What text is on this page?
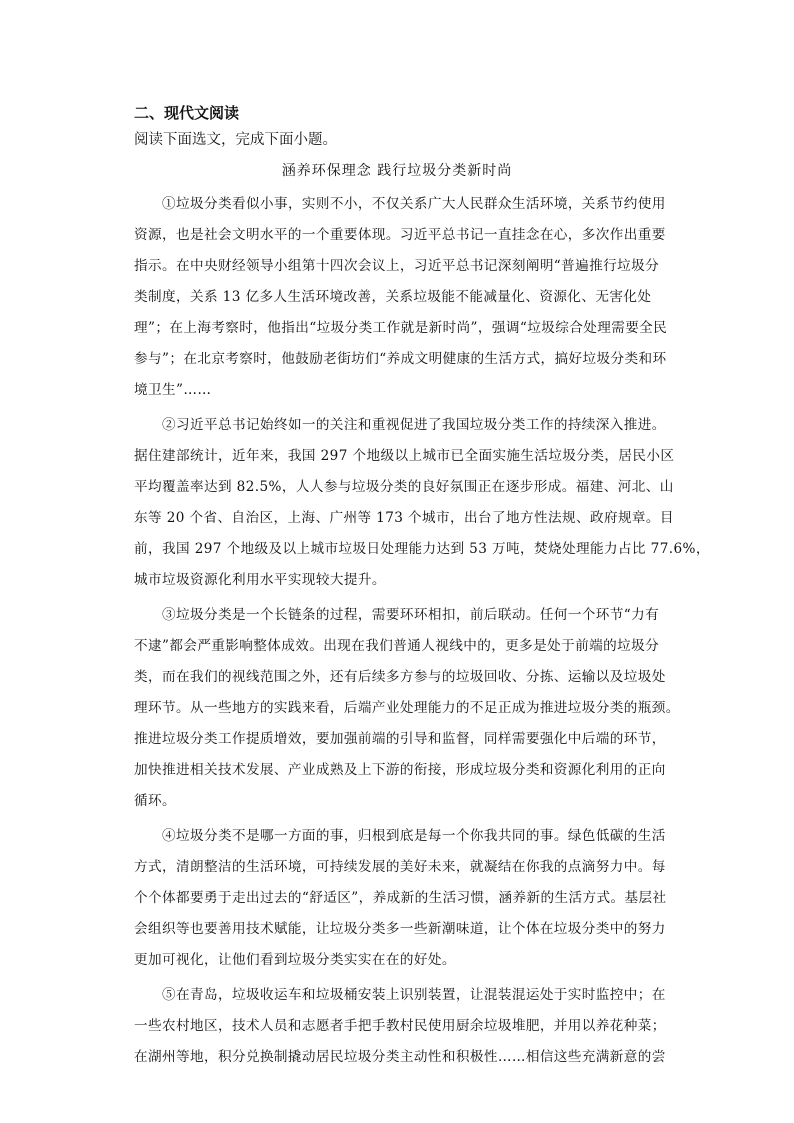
二、现代文阅读
阅读下面选文，完成下面小题。
涵养环保理念 践行垃圾分类新时尚
①垃圾分类看似小事，实则不小，不仅关系广大人民群众生活环境，关系节约使用
资源，也是社会文明水平的一个重要体现。习近平总书记一直挂念在心，多次作出重要
指示。在中央财经领导小组第十四次会议上，习近平总书记深刻阐明“普遍推行垃圾分
类制度，关系 13 亿多人生活环境改善，关系垃圾能不能减量化、资源化、无害化处
理”；在上海考察时，他指出“垃圾分类工作就是新时尚”，强调“垃圾综合处理需要全民
参与”；在北京考察时，他鼓励老街坊们“养成文明健康的生活方式，搞好垃圾分类和环
境卫生”……
②习近平总书记始终如一的关注和重视促进了我国垃圾分类工作的持续深入推进。
据住建部统计，近年来，我国 297 个地级以上城市已全面实施生活垃圾分类，居民小区
平均覆盖率达到 82.5%，人人参与垃圾分类的良好氛围正在逐步形成。福建、河北、山
东等 20 个省、自治区，上海、广州等 173 个城市，出台了地方性法规、政府规章。目
前，我国 297 个地级及以上城市垃圾日处理能力达到 53 万吨，焚烧处理能力占比 77.6%，
城市垃圾资源化利用水平实现较大提升。
③垃圾分类是一个长链条的过程，需要环环相扣，前后联动。任何一个环节“力有
不逮”都会严重影响整体成效。出现在我们普通人视线中的，更多是处于前端的垃圾分
类，而在我们的视线范围之外，还有后续多方参与的垃圾回收、分拣、运输以及垃圾处
理环节。从一些地方的实践来看，后端产业处理能力的不足正成为推进垃圾分类的瓶颈。
推进垃圾分类工作提质增效，要加强前端的引导和监督，同样需要强化中后端的环节，
加快推进相关技术发展、产业成熟及上下游的衔接，形成垃圾分类和资源化利用的正向
循环。
④垃圾分类不是哪一方面的事，归根到底是每一个你我共同的事。绿色低碳的生活
方式，清朗整洁的生活环境，可持续发展的美好未来，就凝结在你我的点滴努力中。每
个个体都要勇于走出过去的“舒适区”，养成新的生活习惯，涵养新的生活方式。基层社
会组织等也要善用技术赋能，让垃圾分类多一些新潮味道，让个体在垃圾分类中的努力
更加可视化，让他们看到垃圾分类实实在在的好处。
⑤在青岛，垃圾收运车和垃圾桶安装上识别装置，让混装混运处于实时监控中；在
一些农村地区，技术人员和志愿者手把手教村民使用厨余垃圾堆肥，并用以养花种菜；
在湖州等地，积分兑换制撬动居民垃圾分类主动性和积极性……相信这些充满新意的尝
